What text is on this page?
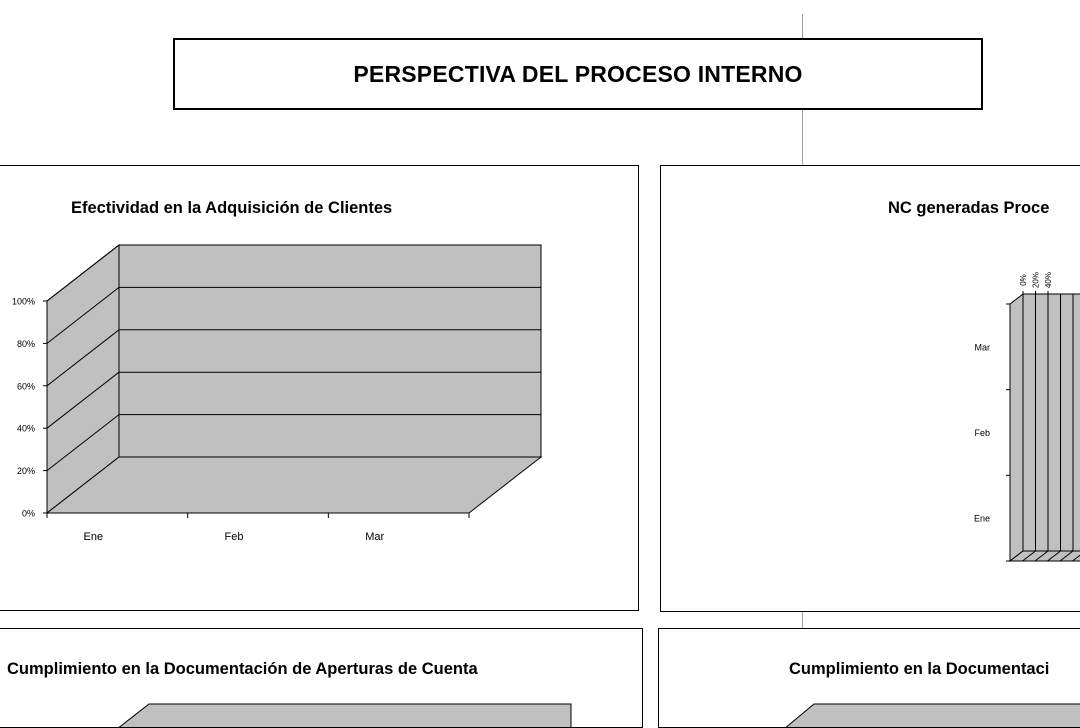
PERSPECTIVA DEL PROCESO INTERNO
Efectividad en la Adquisición de Clientes
0%
20%
40%
60%
80%
100%
Ene	Feb	Mar
NC generadas Proce
0% 20% 40%
Ene
Feb
Mar
Cumplimiento en la Documentación de Aperturas de Cuenta	Cumplimiento en la Documentaci
